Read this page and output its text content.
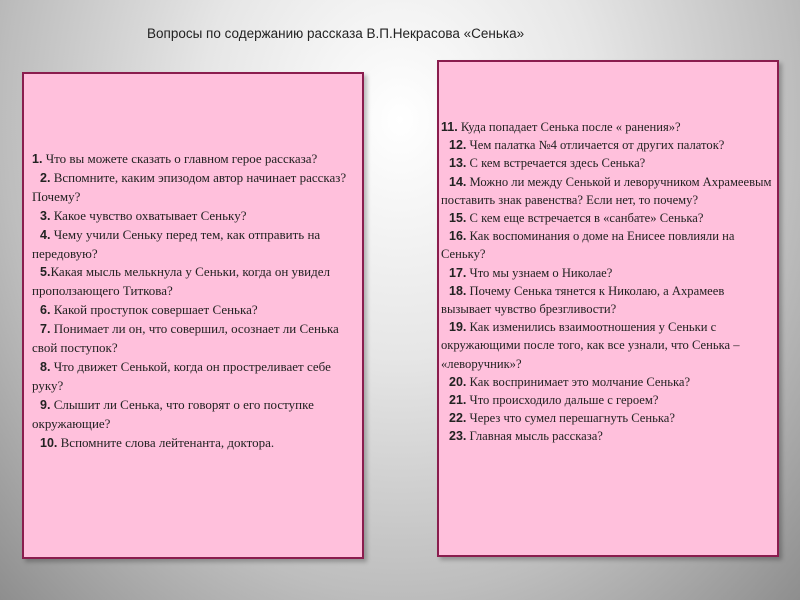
Вопросы по содержанию рассказа В.П.Некрасова «Сенька»

1. Что вы можете сказать о главном герое рассказа?

2. Вспомните, каким эпизодом автор начинает рассказ? Почему?

3. Какое чувство охватывает Сеньку?

4. Чему учили Сеньку перед тем, как отправить на передовую?

5.Какая мысль мелькнула у Сеньки, когда он увидел проползающего Титкова?

6. Какой проступок совершает Сенька?

7. Понимает ли он, что совершил, осознает ли Сенька свой поступок?

8. Что движет Сенькой, когда он простреливает себе руку?

9. Слышит ли Сенька, что говорят о его поступке окружающие?

10. Вспомните слова лейтенанта, доктора.

11. Куда попадает Сенька после « ранения»?

12. Чем палатка №4 отличается от других палаток?

13. С кем встречается здесь Сенька?

14. Можно ли между Сенькой и леворучником Ахрамеевым поставить знак равенства? Если нет, то почему?

15. С кем еще встречается в «санбате» Сенька?

16. Как воспоминания о доме на Енисее повлияли на Сеньку?

17. Что мы узнаем о Николае?

18. Почему Сенька тянется к Николаю, а Ахрамеев вызывает чувство брезгливости?

19. Как изменились взаимоотношения у Сеньки с окружающими после того, как все узнали, что Сенька – «леворучник»?

20. Как воспринимает это молчание Сенька?

21. Что происходило дальше с героем?

22. Через что сумел перешагнуть Сенька?

23. Главная мысль рассказа?
